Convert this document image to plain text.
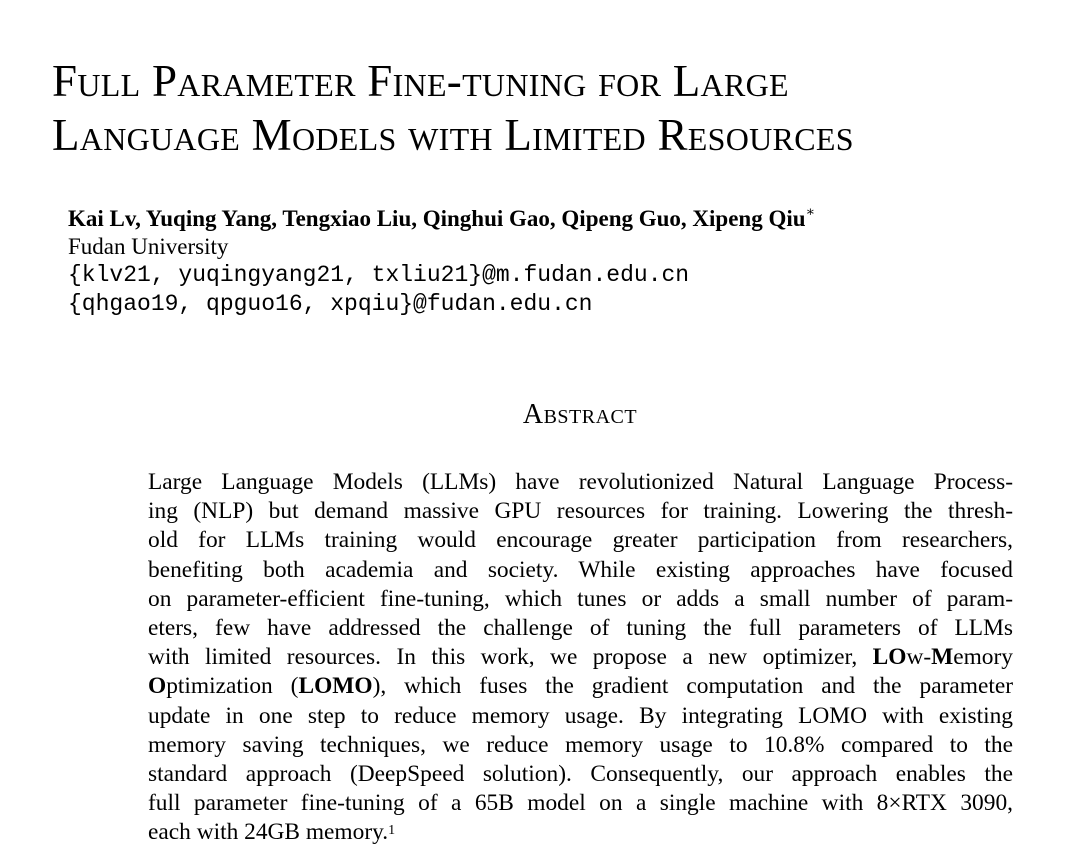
Full Parameter Fine-tuning for Large
Language Models with Limited Resources
Kai Lv, Yuqing Yang, Tengxiao Liu, Qinghui Gao, Qipeng Guo, Xipeng Qiu∗
Fudan University
{klv21, yuqingyang21, txliu21}@m.fudan.edu.cn
{qhgao19, qpguo16, xpqiu}@fudan.edu.cn
Abstract
Large Language Models (LLMs) have revolutionized Natural Language Process-
ing (NLP) but demand massive GPU resources for training. Lowering the thresh-
old for LLMs training would encourage greater participation from researchers,
benefiting both academia and society. While existing approaches have focused
on parameter-efficient fine-tuning, which tunes or adds a small number of param-
eters, few have addressed the challenge of tuning the full parameters of LLMs
with limited resources. In this work, we propose a new optimizer, LOw-Memory
Optimization (LOMO), which fuses the gradient computation and the parameter
update in one step to reduce memory usage. By integrating LOMO with existing
memory saving techniques, we reduce memory usage to 10.8% compared to the
standard approach (DeepSpeed solution). Consequently, our approach enables the
full parameter fine-tuning of a 65B model on a single machine with 8×RTX 3090,
each with 24GB memory.$^1$
